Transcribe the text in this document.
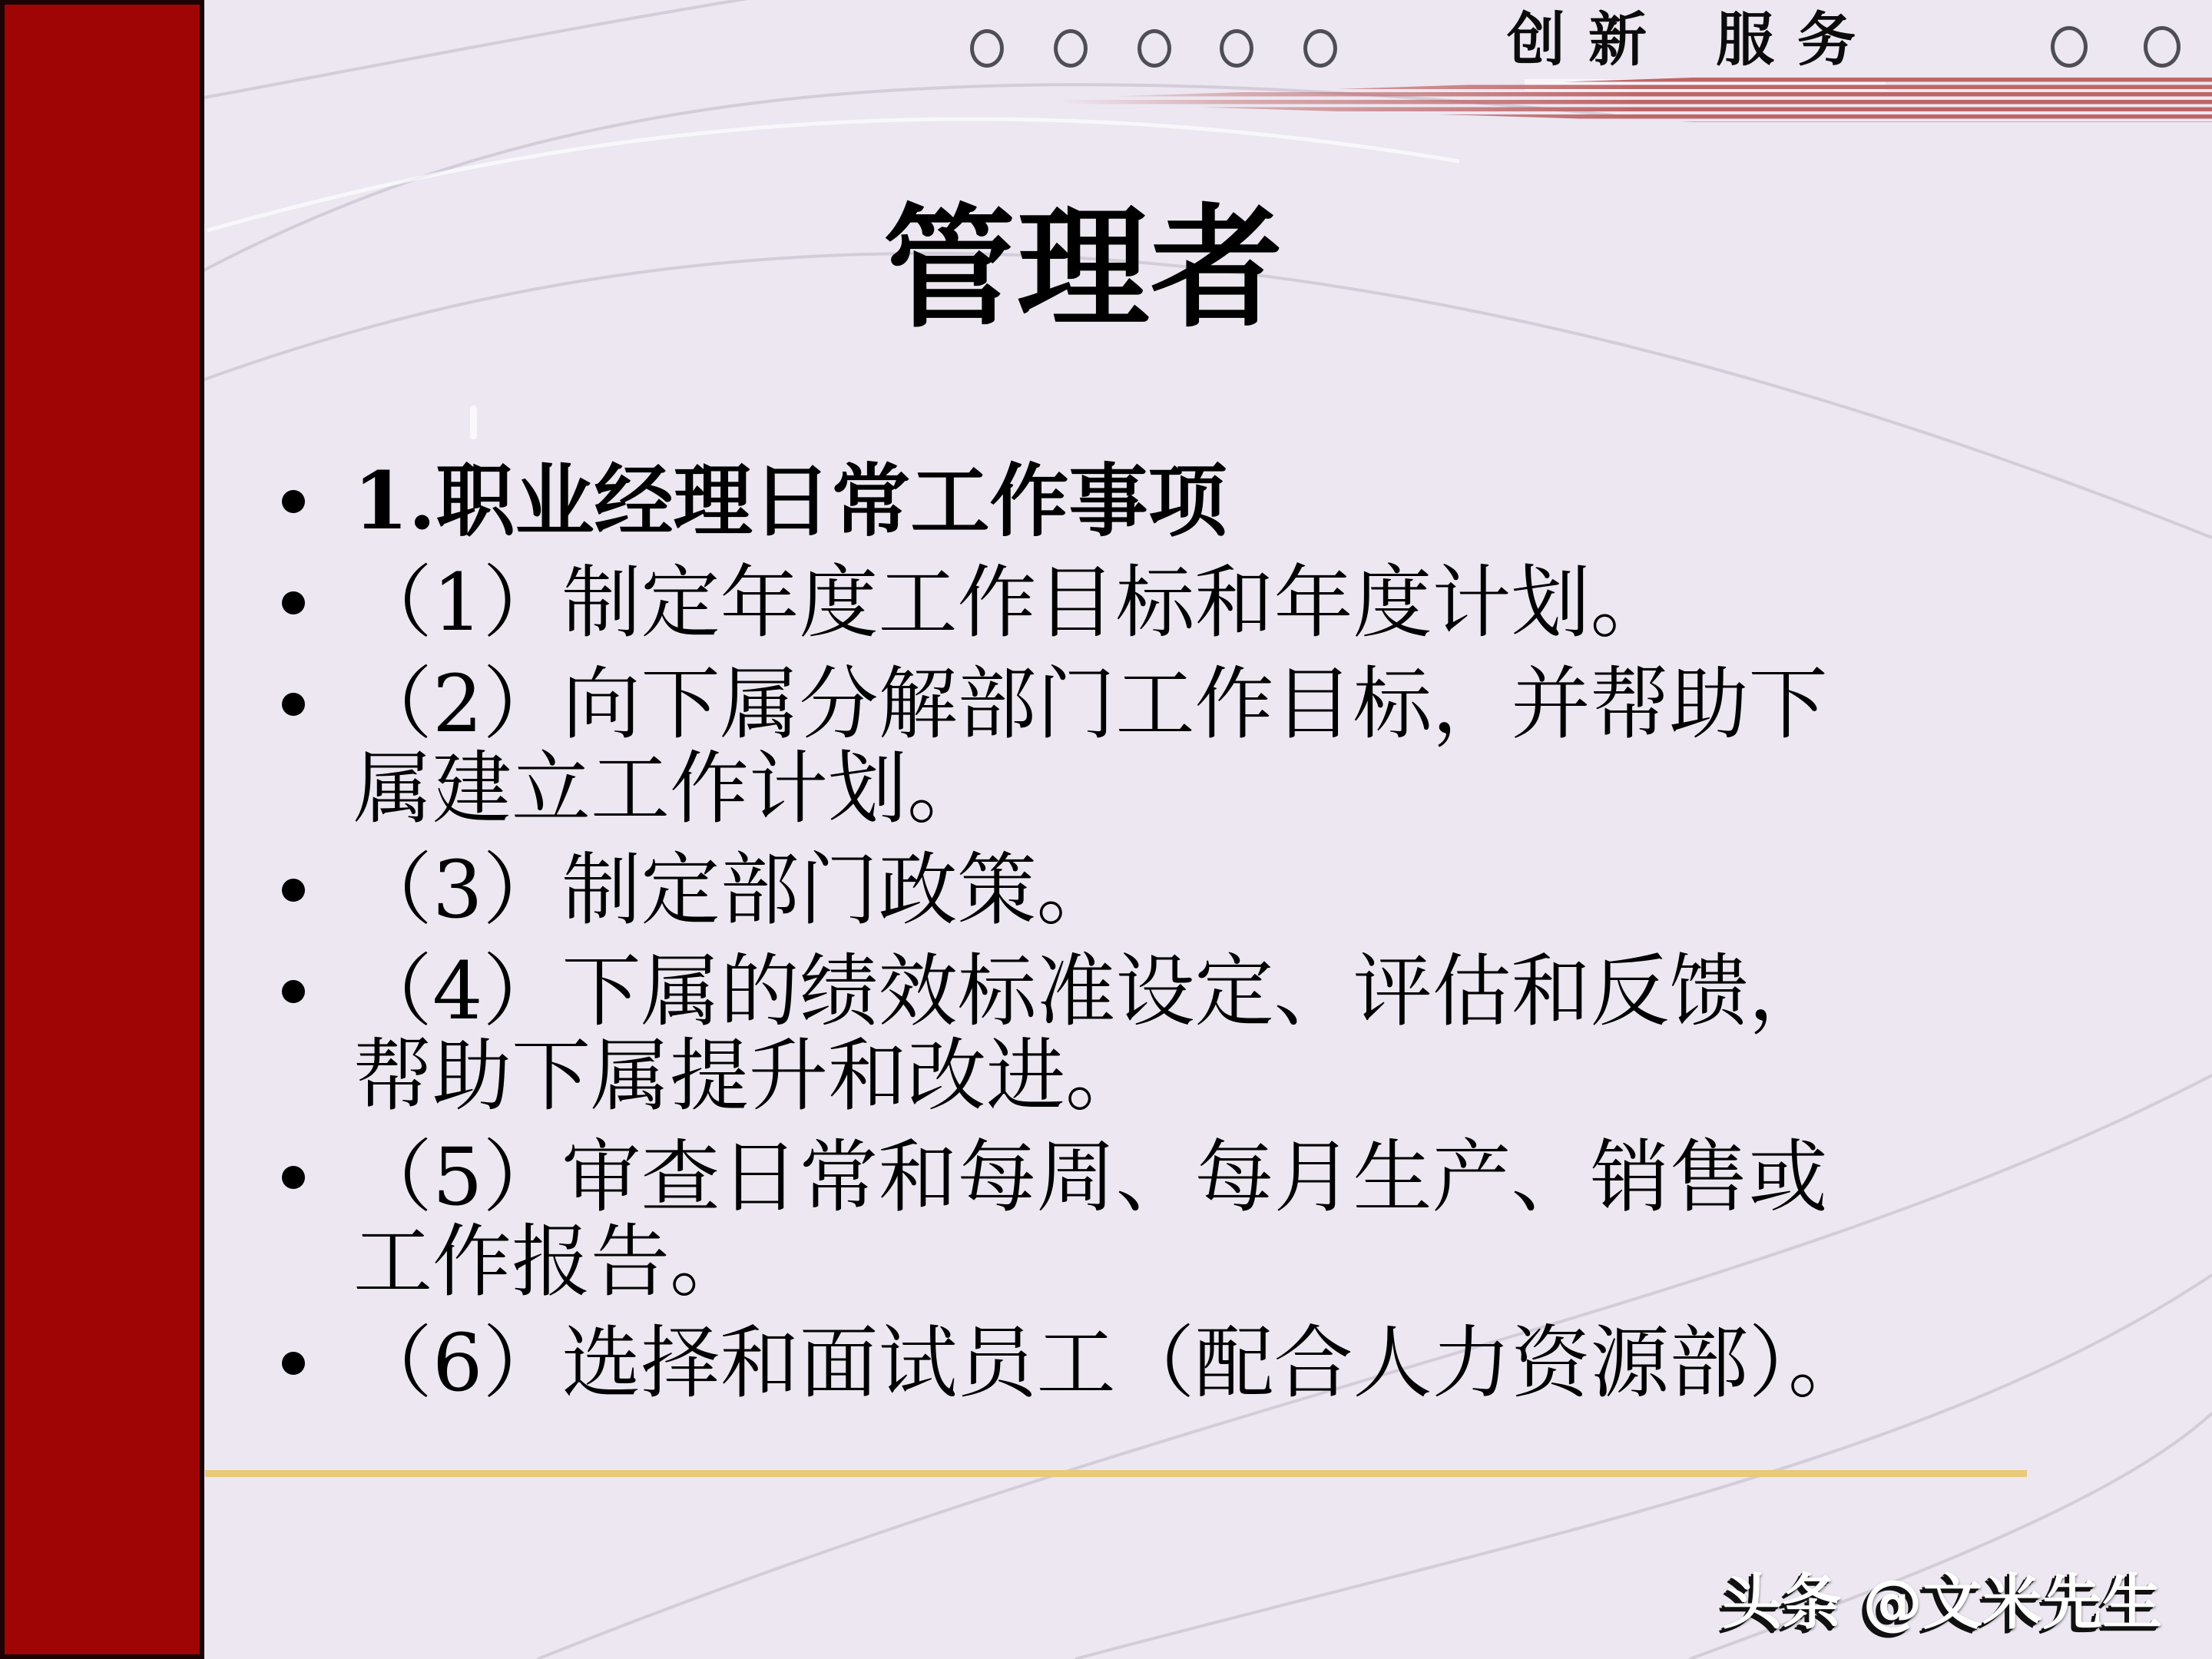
创新 服务
管理者
1.职业经理日常工作事项
（1）制定年度工作目标和年度计划。
（2）向下属分解部门工作目标，并帮助下
属建立工作计划。
（3）制定部门政策。
（4）下属的绩效标准设定、评估和反馈，
帮助下属提升和改进。
（5）审查日常和每周、每月生产、销售或
工作报告。
（6）选择和面试员工（配合人力资源部）。
头条 @文米先生
